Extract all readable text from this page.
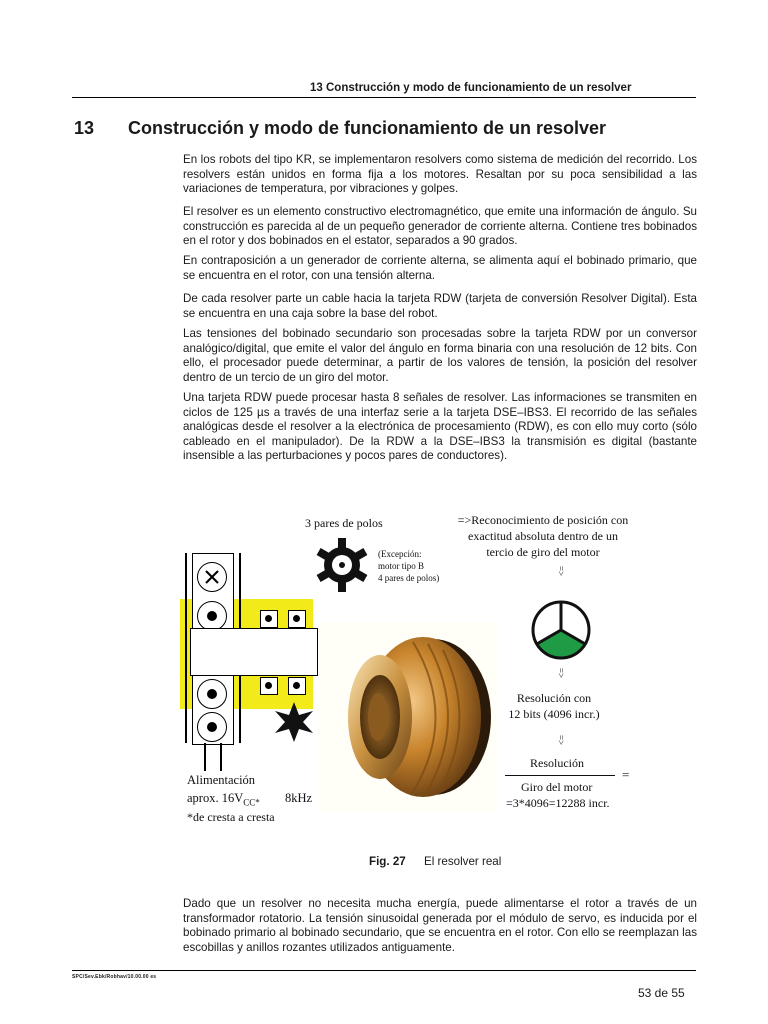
13 Construcción y modo de funcionamiento de un resolver
13 Construcción y modo de funcionamiento de un resolver

En los robots del tipo KR, se implementaron resolvers como sistema de medición del recorrido. Los resolvers están unidos en forma fija a los motores. Resaltan por su poca sensibilidad a las variaciones de temperatura, por vibraciones y golpes.

El resolver es un elemento constructivo electromagnético, que emite una información de ángulo. Su construcción es parecida al de un pequeño generador de corriente alterna. Contiene tres bobinados en el rotor y dos bobinados en el estator, separados a 90 grados.

En contraposición a un generador de corriente alterna, se alimenta aquí el bobinado primario, que se encuentra en el rotor, con una tensión alterna.

De cada resolver parte un cable hacia la tarjeta RDW (tarjeta de conversión Resolver Digital). Esta se encuentra en una caja sobre la base del robot.

Las tensiones del bobinado secundario son procesadas sobre la tarjeta RDW por un conversor analógico/digital, que emite el valor del ángulo en forma binaria con una resolución de 12 bits. Con ello, el procesador puede determinar, a partir de los valores de tensión, la posición del resolver dentro de un tercio de un giro del motor.

Una tarjeta RDW puede procesar hasta 8 señales de resolver. Las informaciones se transmiten en ciclos de 125 µs a través de una interfaz serie a la tarjeta DSE–IBS3. El recorrido de las señales analógicas desde el resolver a la electrónica de procesamiento (RDW), es con ello muy corto (sólo cableado en el manipulador). De la RDW a la DSE–IBS3 la transmisión es digital (bastante insensible a las perturbaciones y pocos pares de conductores).

3 pares de polos
(Excepción:
motor tipo B
4 pares de polos)
=>Reconocimiento de posición con
exactitud absoluta dentro de un
tercio de giro del motor
=>
=>
Resolución con
12 bits (4096 incr.)
=>
Resolución
=
Giro del motor
=3*4096=12288 incr.
Alimentación
aprox. $16V_{CC*}$ 8kHz
*de cresta a cresta
Fig. 27 El resolver real

Dado que un resolver no necesita mucha energía, puede alimentarse el rotor a través de un transformador rotatorio. La tensión sinusoidal generada por el módulo de servo, es inducida por el bobinado primario al bobinado secundario, que se encuentra en el rotor. Con ello se reemplazan las escobillas y anillos rozantes utilizados antiguamente.

SPC/Sev.Ebk/Robhav/10.00.00 es
53 de 55
